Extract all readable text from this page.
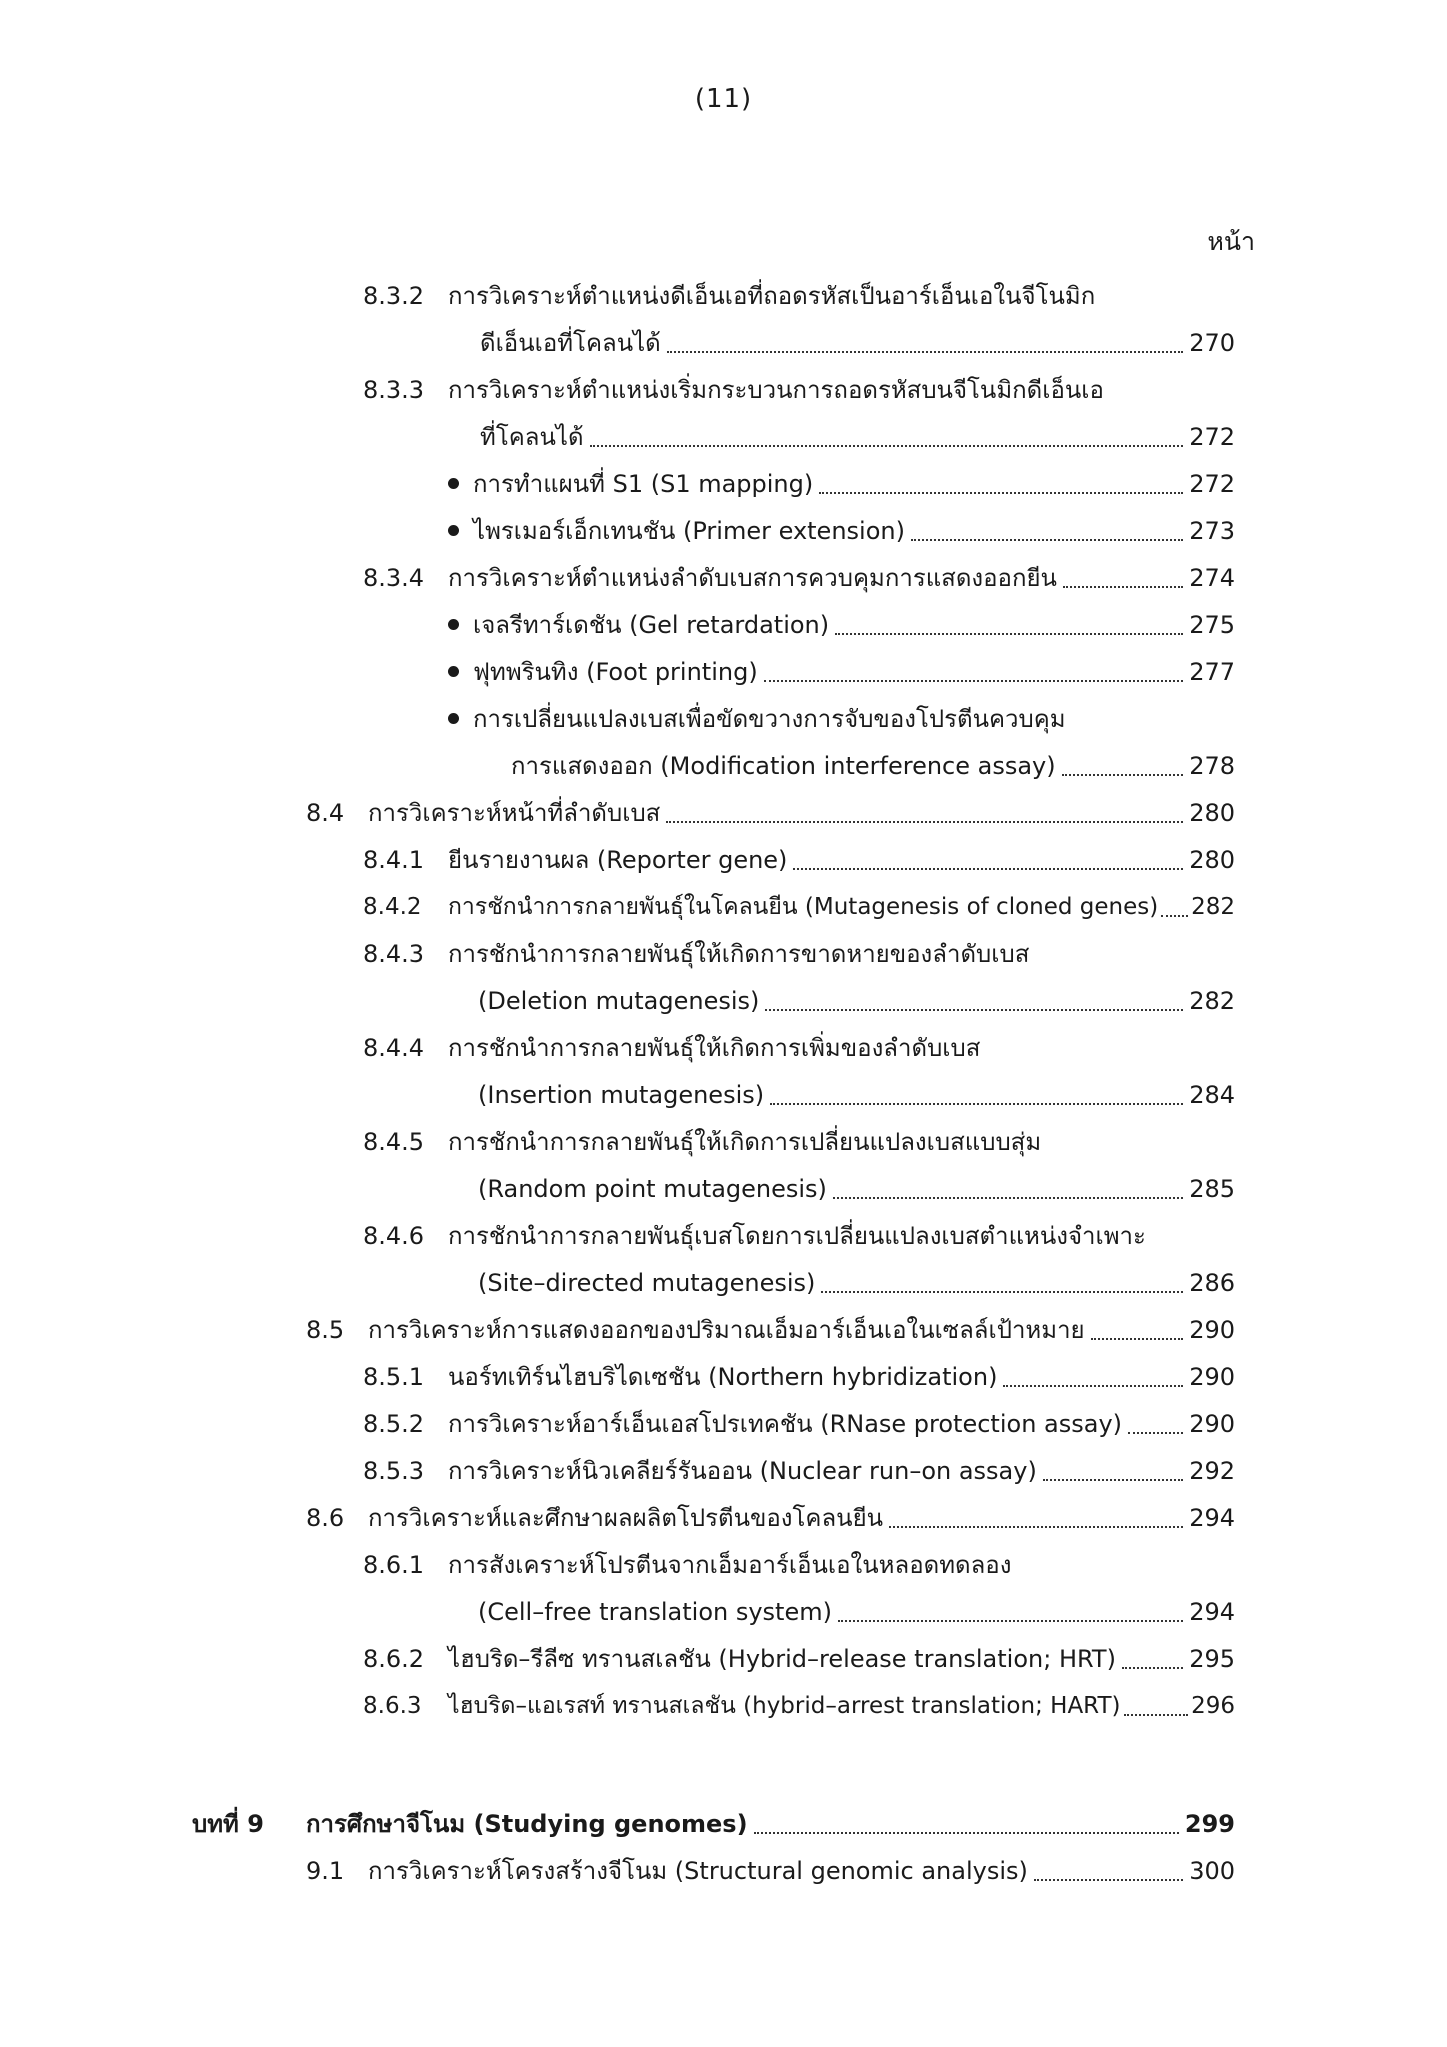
(11)
หน้า
8.3.2 การวิเคราะห์ตำแหน่งดีเอ็นเอที่ถอดรหัสเป็นอาร์เอ็นเอในจีโนมิก
ดีเอ็นเอที่โคลนได้	270
8.3.3 การวิเคราะห์ตำแหน่งเริ่มกระบวนการถอดรหัสบนจีโนมิกดีเอ็นเอ
ที่โคลนได้	272
การทำแผนที่ S1 (S1 mapping)	272
ไพรเมอร์เอ็กเทนชัน (Primer extension)	273
8.3.4 การวิเคราะห์ตำแหน่งลำดับเบสการควบคุมการแสดงออกยีน	274
เจลรีทาร์เดชัน (Gel retardation)	275
ฟุทพรินทิง (Foot printing)	277
การเปลี่ยนแปลงเบสเพื่อขัดขวางการจับของโปรตีนควบคุม
การแสดงออก (Modification interference assay)	278
8.4 การวิเคราะห์หน้าที่ลำดับเบส	280
8.4.1 ยีนรายงานผล (Reporter gene)	280
8.4.2	การชักนำการกลายพันธุ์ในโคลนยีน (Mutagenesis of cloned genes) 282
8.4.3 การชักนำการกลายพันธุ์ให้เกิดการขาดหายของลำดับเบส
(Deletion mutagenesis)	282
8.4.4 การชักนำการกลายพันธุ์ให้เกิดการเพิ่มของลำดับเบส
(Insertion mutagenesis)	284
8.4.5 การชักนำการกลายพันธุ์ให้เกิดการเปลี่ยนแปลงเบสแบบสุ่ม
(Random point mutagenesis)	285
8.4.6 การชักนำการกลายพันธุ์เบสโดยการเปลี่ยนแปลงเบสตำแหน่งจำเพาะ
(Site–directed mutagenesis)	286
8.5 การวิเคราะห์การแสดงออกของปริมาณเอ็มอาร์เอ็นเอในเซลล์เป้าหมาย	290
8.5.1 นอร์ทเทิร์นไฮบริไดเซชัน (Northern hybridization)	290
8.5.2 การวิเคราะห์อาร์เอ็นเอสโปรเทคชัน (RNase protection assay)	290
8.5.3 การวิเคราะห์นิวเคลียร์รันออน (Nuclear run–on assay)	292
8.6 การวิเคราะห์และศึกษาผลผลิตโปรตีนของโคลนยีน	294
8.6.1 การสังเคราะห์โปรตีนจากเอ็มอาร์เอ็นเอในหลอดทดลอง
(Cell–free translation system)	294
8.6.2 ไฮบริด–รีลีซ ทรานสเลชัน (Hybrid–release translation; HRT)	295
8.6.3	ไฮบริด–แอเรสท์ ทรานสเลชัน (hybrid–arrest translation; HART)	296
บทที่ 9	การศึกษาจีโนม (Studying genomes)	299
9.1 การวิเคราะห์โครงสร้างจีโนม (Structural genomic analysis)	300
